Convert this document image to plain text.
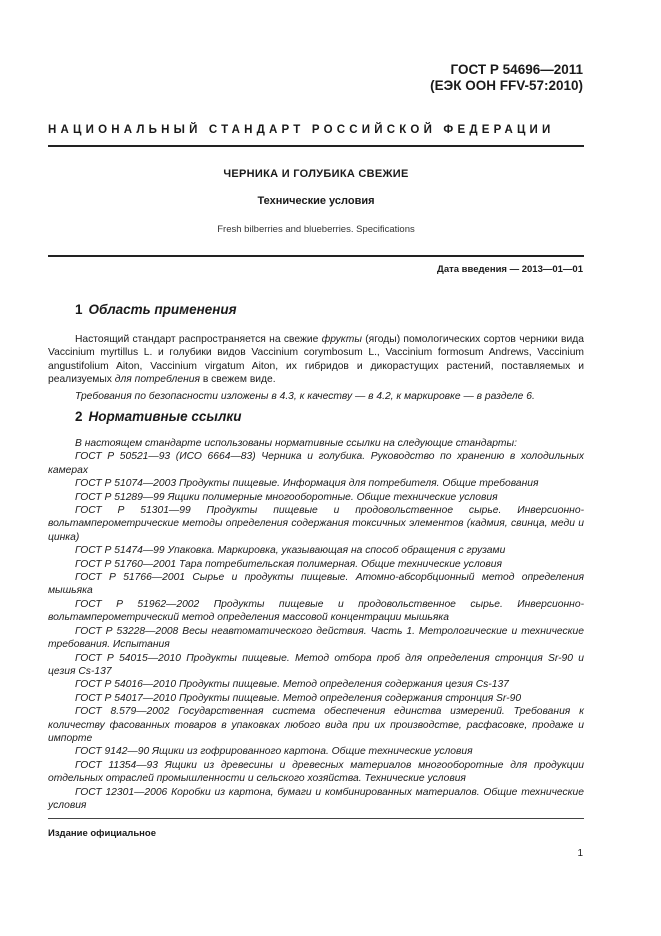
ГОСТ Р 54696—2011
(ЕЭК ООН FFV-57:2010)
НАЦИОНАЛЬНЫЙ СТАНДАРТ РОССИЙСКОЙ ФЕДЕРАЦИИ
ЧЕРНИКА И ГОЛУБИКА СВЕЖИЕ
Технические условия
Fresh bilberries and blueberries. Specifications
Дата введения — 2013—01—01
1 Область применения

Настоящий стандарт распространяется на свежие фрукты (ягоды) помологических сортов черники вида Vaccinium myrtillus L. и голубики видов Vaccinium corymbosum L., Vaccinium formosum Andrews, Vaccinium angustifolium Aiton, Vaccinium virgatum Aiton, их гибридов и дикорастущих растений, поставляемых и реализуемых для потребления в свежем виде.

Требования по безопасности изложены в 4.3, к качеству — в 4.2, к маркировке — в разделе 6.

2 Нормативные ссылки

В настоящем стандарте использованы нормативные ссылки на следующие стандарты:

ГОСТ Р 50521—93 (ИСО 6664—83) Черника и голубика. Руководство по хранению в холодильных камерах

ГОСТ Р 51074—2003 Продукты пищевые. Информация для потребителя. Общие требования

ГОСТ Р 51289—99 Ящики полимерные многооборотные. Общие технические условия

ГОСТ Р 51301—99 Продукты пищевые и продовольственное сырье. Инверсионно-вольтамперометрические методы определения содержания токсичных элементов (кадмия, свинца, меди и цинка)

ГОСТ Р 51474—99 Упаковка. Маркировка, указывающая на способ обращения с грузами

ГОСТ Р 51760—2001 Тара потребительская полимерная. Общие технические условия

ГОСТ Р 51766—2001 Сырье и продукты пищевые. Атомно-абсорбционный метод определения мышьяка

ГОСТ Р 51962—2002 Продукты пищевые и продовольственное сырье. Инверсионно-вольтамперометрический метод определения массовой концентрации мышьяка

ГОСТ Р 53228—2008 Весы неавтоматического действия. Часть 1. Метрологические и технические требования. Испытания

ГОСТ Р 54015—2010 Продукты пищевые. Метод отбора проб для определения стронция Sr-90 и цезия Cs-137

ГОСТ Р 54016—2010 Продукты пищевые. Метод определения содержания цезия Cs-137

ГОСТ Р 54017—2010 Продукты пищевые. Метод определения содержания стронция Sr-90

ГОСТ 8.579—2002 Государственная система обеспечения единства измерений. Требования к количеству фасованных товаров в упаковках любого вида при их производстве, расфасовке, продаже и импорте

ГОСТ 9142—90 Ящики из гофрированного картона. Общие технические условия

ГОСТ 11354—93 Ящики из древесины и древесных материалов многооборотные для продукции отдельных отраслей промышленности и сельского хозяйства. Технические условия

ГОСТ 12301—2006 Коробки из картона, бумаги и комбинированных материалов. Общие технические условия

Издание официальное
1
